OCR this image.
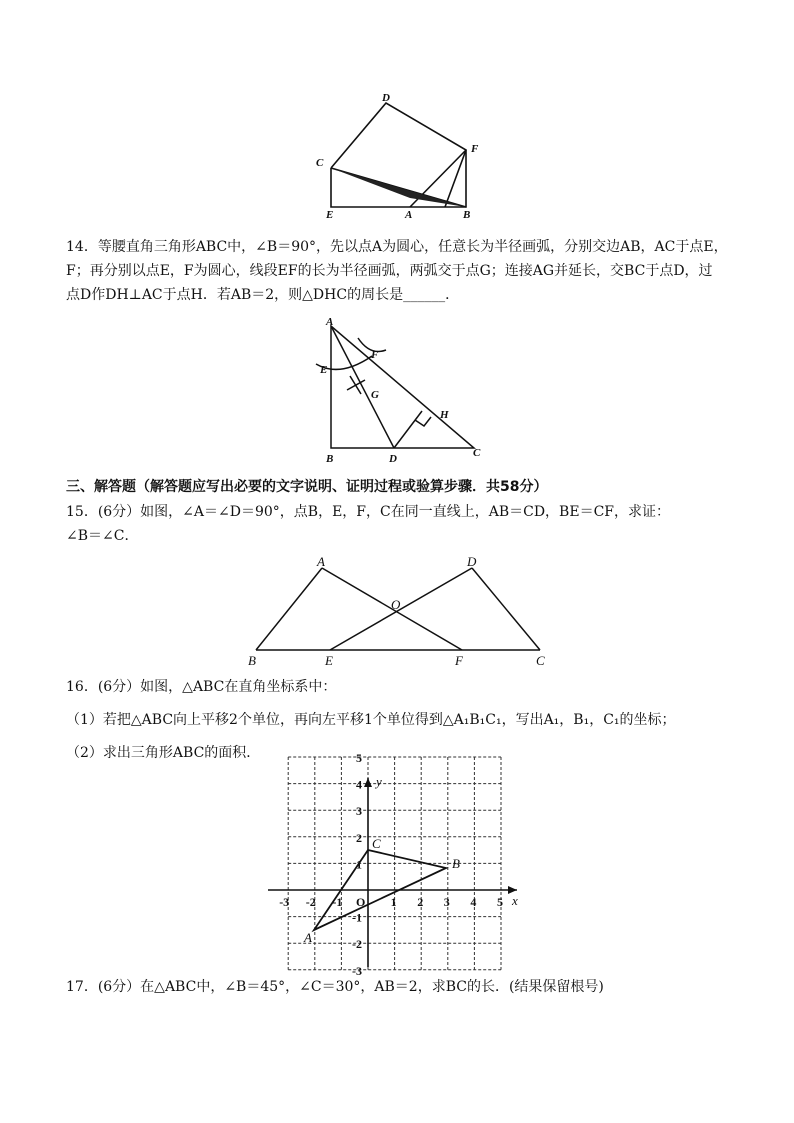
D
C
F
E	A	B
14．等腰直角三角形ABC中，∠B＝90°，先以点A为圆心，任意长为半径画弧，分别交边AB，AC于点E，
F；再分别以点E，F为圆心，线段EF的长为半径画弧，两弧交于点G；连接AG并延长，交BC于点D，过
点D作DH⊥AC于点H．若AB＝2，则△DHC的周长是______．
A
E
F
G
H
B	D	C
三、解答题（解答题应写出必要的文字说明、证明过程或验算步骤．共58分）
15．(6分）如图，∠A＝∠D＝90°，点B，E，F，C在同一直线上，AB＝CD，BE＝CF，求证：
∠B＝∠C．
A	D
O
B	E	F	C
16．(6分）如图，△ABC在直角坐标系中：
（1）若把△ABC向上平移2个单位，再向左平移1个单位得到△A₁B₁C₁，写出A₁，B₁，C₁的坐标；
（2）求出三角形ABC的面积．
y
x
O
-3 -2 -1	1 2 3 4 5
5
4
3
2
1
-1
-2
-3
A
B
C
17．(6分）在△ABC中，∠B＝45°，∠C＝30°，AB＝2，求BC的长．(结果保留根号)
